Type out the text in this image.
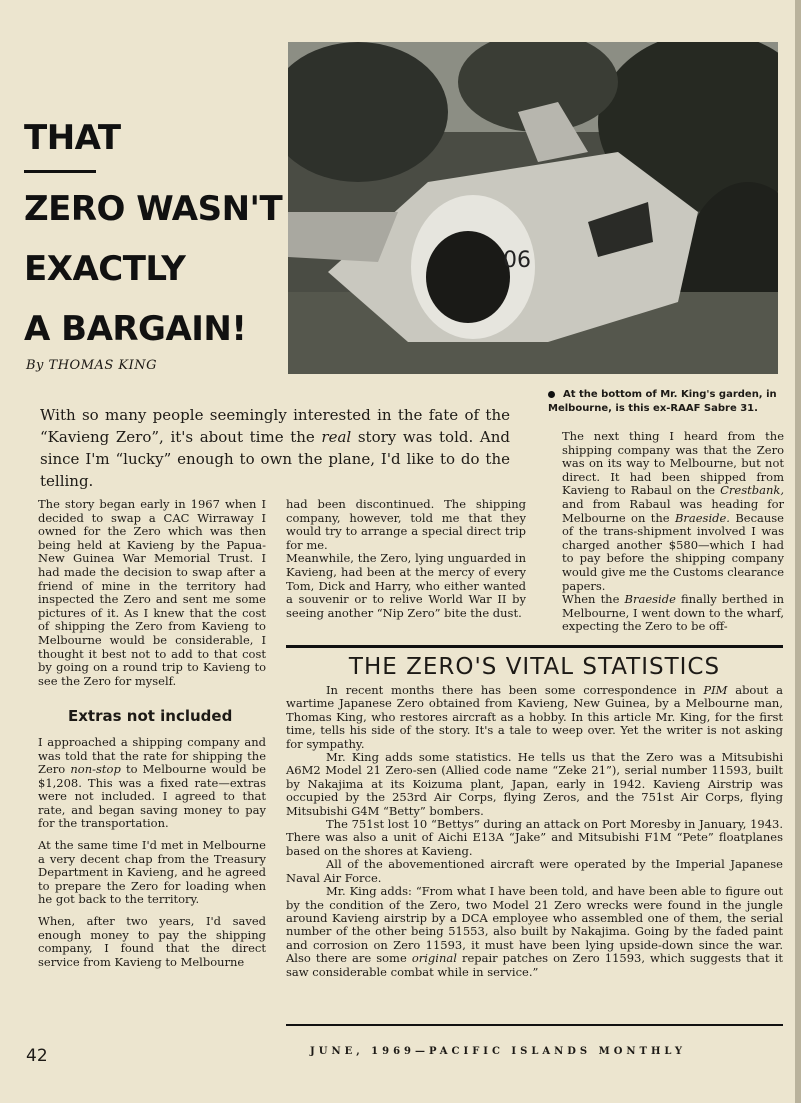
THAT
ZERO WASN'T
EXACTLY
A BARGAIN!
By THOMAS KING
06
At the bottom of Mr. King's garden, in Melbourne, is this ex-RAAF Sabre 31.
With so many people seemingly interested in the fate of the “Kavieng Zero”, it's about time the real story was told. And since I'm “lucky” enough to own the plane, I'd like to do the telling.

The story began early in 1967 when I decided to swap a CAC Wirraway I owned for the Zero which was then being held at Kavieng by the Papua-New Guinea War Memorial Trust. I had made the decision to swap after a friend of mine in the territory had inspected the Zero and sent me some pictures of it. As I knew that the cost of shipping the Zero from Kavieng to Melbourne would be considerable, I thought it best not to add to that cost by going on a round trip to Kavieng to see the Zero for myself.

Extras not included

I approached a shipping company and was told that the rate for shipping the Zero non-stop to Melbourne would be $1,208. This was a fixed rate—extras were not included. I agreed to that rate, and began saving money to pay for the transportation.

At the same time I'd met in Melbourne a very decent chap from the Treasury Department in Kavieng, and he agreed to prepare the Zero for loading when he got back to the territory.

When, after two years, I'd saved enough money to pay the shipping company, I found that the direct service from Kavieng to Melbourne

had been discontinued. The shipping company, however, told me that they would try to arrange a special direct trip for me.

Meanwhile, the Zero, lying unguarded in Kavieng, had been at the mercy of every Tom, Dick and Harry, who either wanted a souvenir or to relive World War II by seeing another “Nip Zero” bite the dust.

The next thing I heard from the shipping company was that the Zero was on its way to Melbourne, but not direct. It had been shipped from Kavieng to Rabaul on the Crestbank, and from Rabaul was heading for Melbourne on the Braeside. Because of the trans-shipment involved I was charged another $580—which I had to pay before the shipping company would give me the Customs clearance papers.

When the Braeside finally berthed in Melbourne, I went down to the wharf, expecting the Zero to be off-

THE ZERO'S VITAL STATISTICS

In recent months there has been some correspondence in PIM about a wartime Japanese Zero obtained from Kavieng, New Guinea, by a Melbourne man, Thomas King, who restores aircraft as a hobby. In this article Mr. King, for the first time, tells his side of the story. It's a tale to weep over. Yet the writer is not asking for sympathy.

Mr. King adds some statistics. He tells us that the Zero was a Mitsubishi A6M2 Model 21 Zero-sen (Allied code name “Zeke 21”), serial number 11593, built by Nakajima at its Koizuma plant, Japan, early in 1942. Kavieng Airstrip was occupied by the 253rd Air Corps, flying Zeros, and the 751st Air Corps, flying Mitsubishi G4M “Betty” bombers.

The 751st lost 10 “Bettys” during an attack on Port Moresby in January, 1943. There was also a unit of Aichi E13A “Jake” and Mitsubishi F1M “Pete” floatplanes based on the shores at Kavieng.

All of the abovementioned aircraft were operated by the Imperial Japanese Naval Air Force.

Mr. King adds: “From what I have been told, and have been able to figure out by the condition of the Zero, two Model 21 Zero wrecks were found in the jungle around Kavieng airstrip by a DCA employee who assembled one of them, the serial number of the other being 51553, also built by Nakajima. Going by the faded paint and corrosion on Zero 11593, it must have been lying upside-down since the war. Also there are some original repair patches on Zero 11593, which suggests that it saw considerable combat while in service.”

42	JUNE, 1969—PACIFIC ISLANDS MONTHLY
